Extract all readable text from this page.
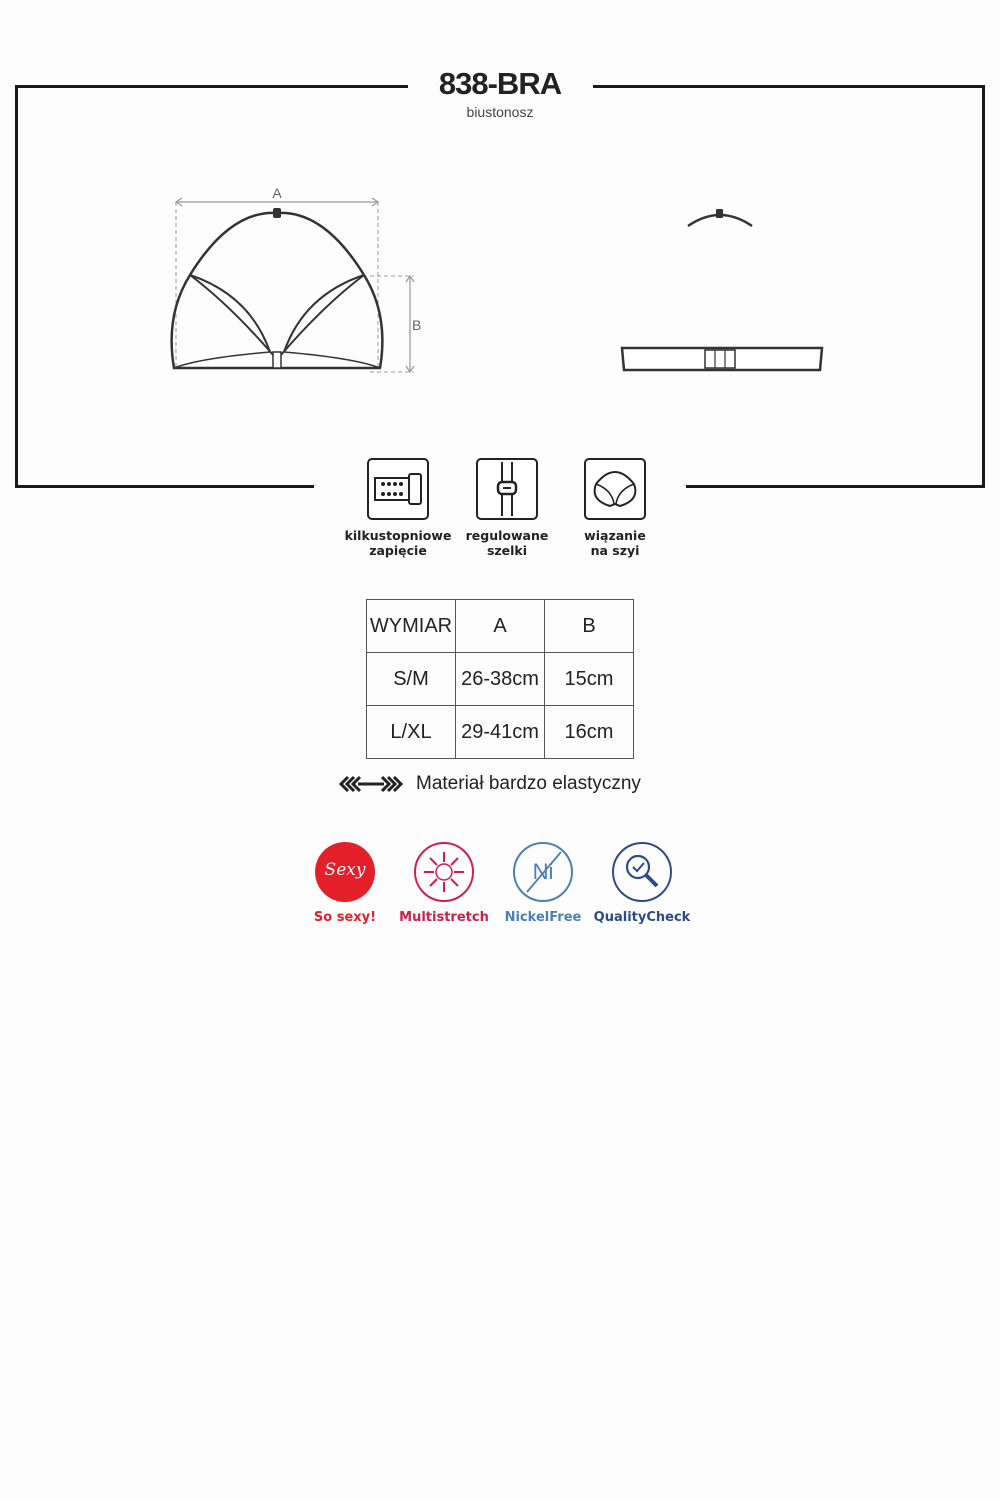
838-BRA
biustonosz
A
B
kilkustopniowe
zapięcie
regulowane
szelki
wiązanie
na szyi
WYMIAR	A	B
S/M	26-38cm	15cm
L/XL	29-41cm	16cm
Materiał bardzo elastyczny
Sexy
So sexy!	Multistretch
Ni
NickelFree QualityCheck
